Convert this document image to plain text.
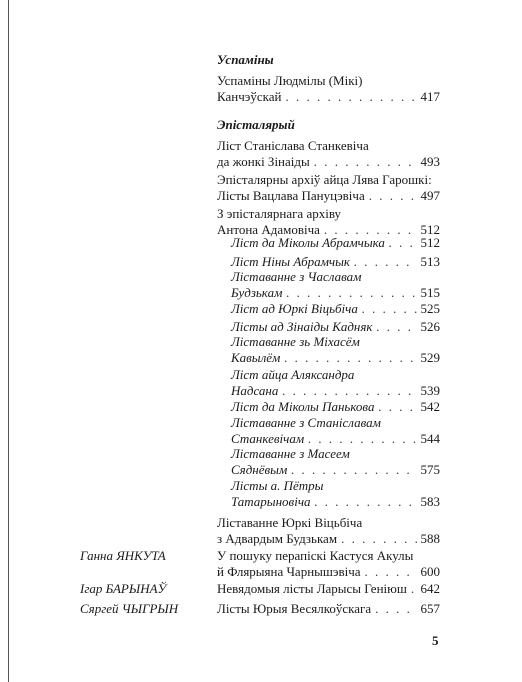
Успаміны
Успаміны Людмілы (Мікі)
Канчэўскай . . .	417
Эпісталярый
Ліст Станіслава Станкевіча
да жонкі Зінаіды . . .	493
Эпісталярны архіў айца Лява Гарошкі:
Лісты Вацлава Пануцэвіча . . .	497
З эпісталярнага архіву
Антона Адамовіча . . .	512
Ліст да Міколы Абрамчыка . . .	512
Ліст Ніны Абрамчык . . .	513
Ліставанне з Чаславам
Будзькам . . .	515
Ліст ад Юркі Віцьбіча . . .	525
Лісты ад Зінаіды Кадняк . . .	526
Ліставанне зь Міхасём
Кавылём . . .	529
Ліст айца Аляксандра
Надсана . . .	539
Ліст да Міколы Панькова . . .	542
Ліставанне з Станіславам
Станкевічам . . .	544
Ліставанне з Масеем
Сяднёвым . . .	575
Лісты а. Пётры
Татарыновіча . . .	583
Ліставанне Юркі Віцьбіча
з Адвардым Будзькам . . .	588
Ганна ЯНКУТА	У пошуку перапіскі Кастуся Акулы
й Флярыяна Чарнышэвіча . . .	600
Ігар БАРЫНАЎ	Невядомыя лісты Ларысы Геніюш . . . 642
Сяргей ЧЫГРЫН	Лісты Юрыя Весялкоўскага . . .	657
5
